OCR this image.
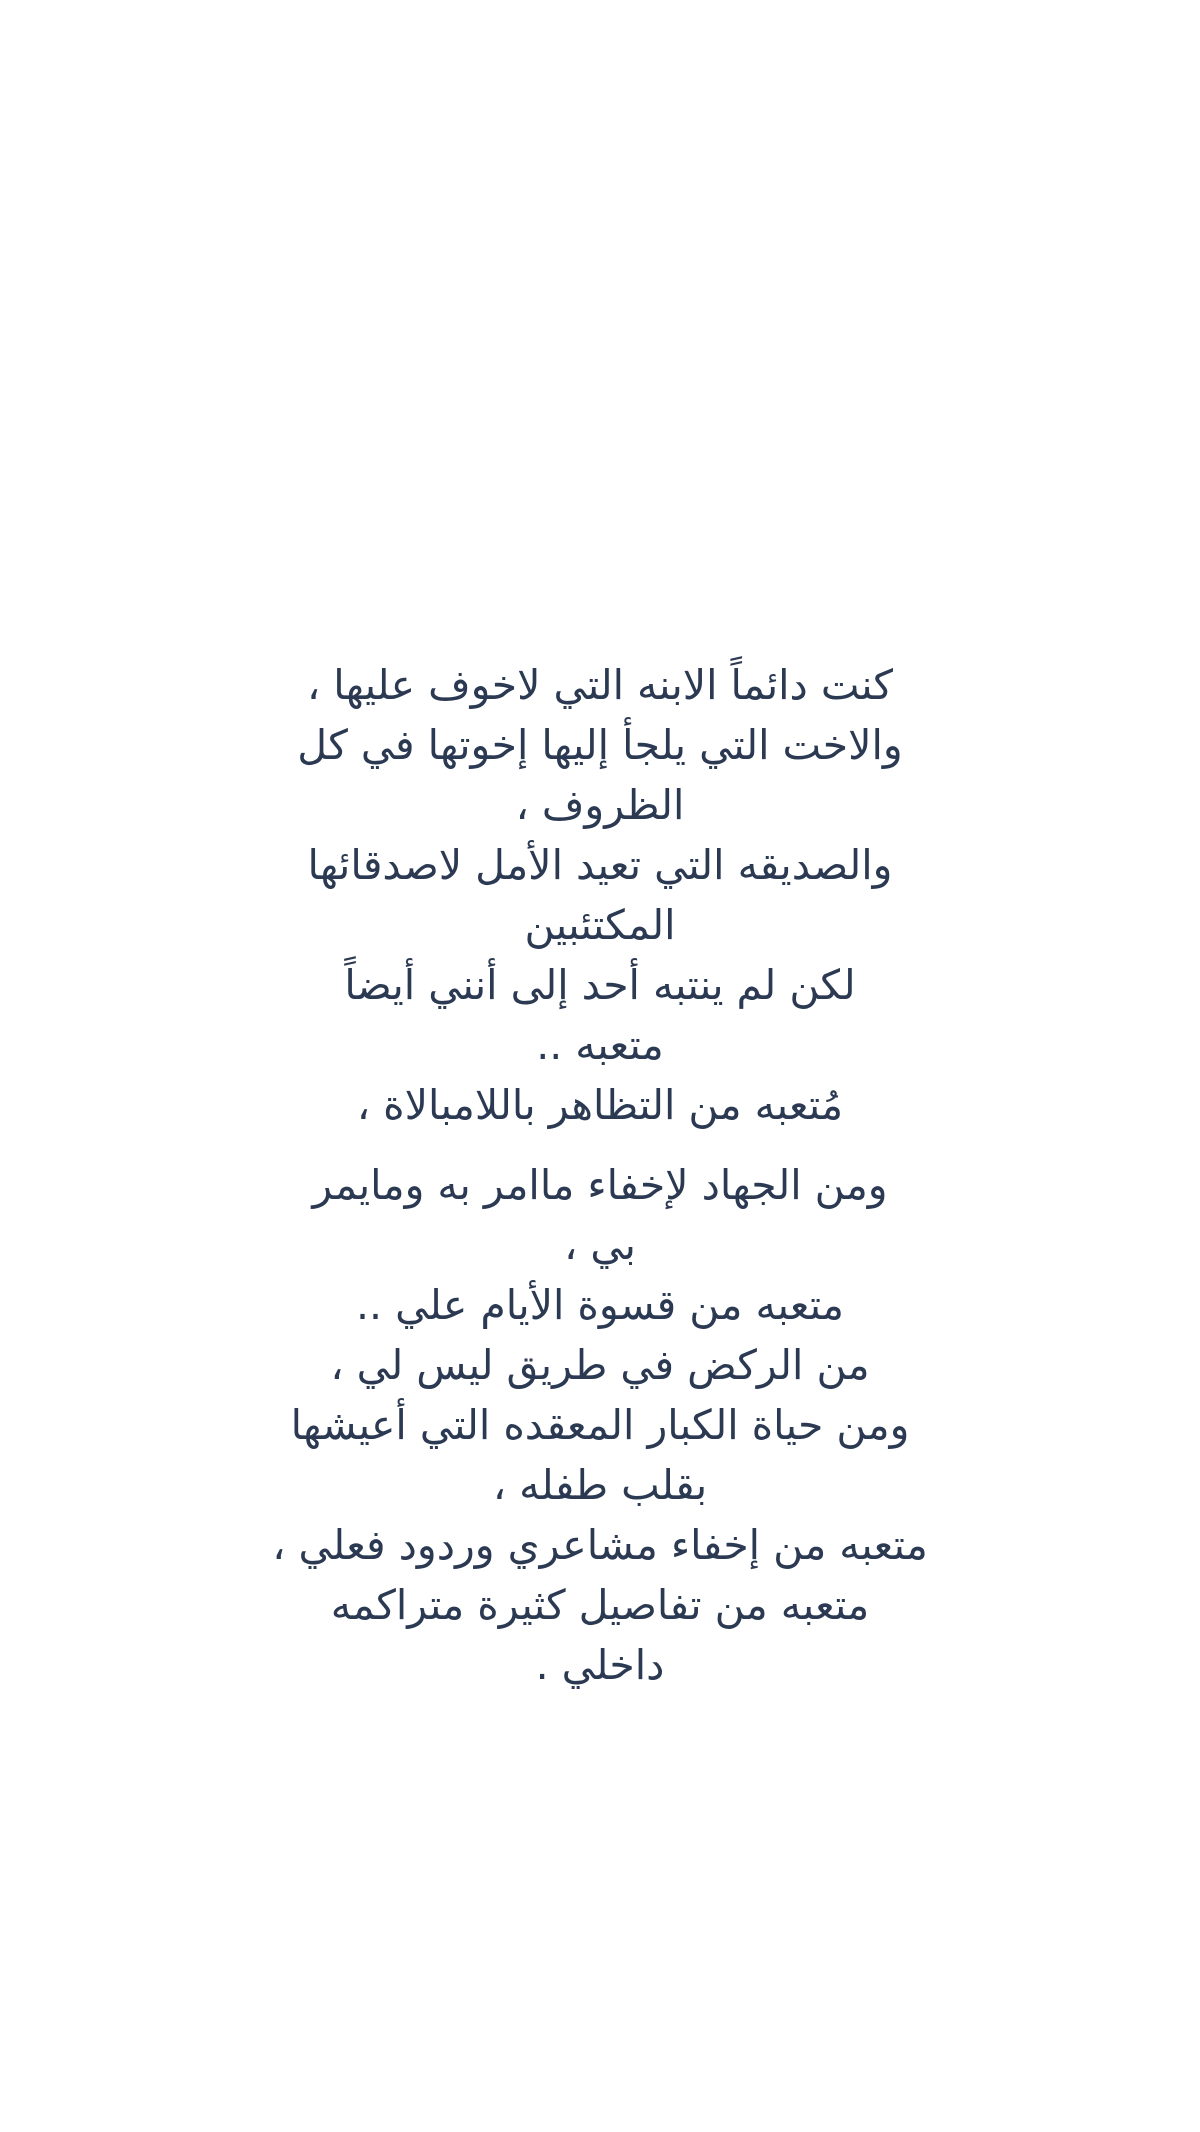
كنت دائماً الابنه التي لاخوف عليها ،
والاخت التي يلجأ إليها إخوتها في كل
الظروف ،
والصديقه التي تعيد الأمل لاصدقائها
المكتئبين
لكن لم ينتبه أحد إلى أنني أيضاً
متعبه ..
مُتعبه من التظاهر باللامبالاة ،
ومن الجهاد لإخفاء ماامر به ومايمر
بي ،
متعبه من قسوة الأيام علي ..
من الركض في طريق ليس لي ،
ومن حياة الكبار المعقده التي أعيشها
بقلب طفله ،
متعبه من إخفاء مشاعري وردود فعلي ،
متعبه من تفاصيل كثيرة متراكمه
داخلي .
